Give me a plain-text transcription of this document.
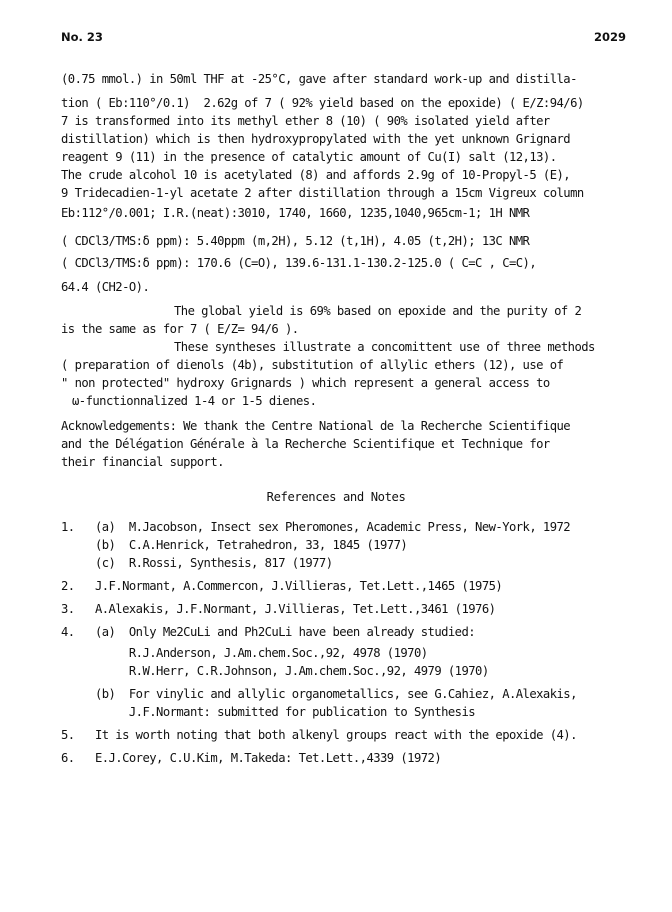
No. 23	2029
(0.75 mmol.) in 50ml THF at -25°C, gave after standard work-up and distilla-
tion ( Eb:110°/0.1)  2.62g of 7 ( 92% yield based on the epoxide) ( E/Z:94/6)
7 is transformed into its methyl ether 8 (10) ( 90% isolated yield after
distillation) which is then hydroxypropylated with the yet unknown Grignard
reagent 9 (11) in the presence of catalytic amount of Cu(I) salt (12,13).
The crude alcohol 10 is acetylated (8) and affords 2.9g of 10-Propyl-5 (E),
9 Tridecadien-1-yl acetate 2 after distillation through a 15cm Vigreux column
Eb:112°/0.001; I.R.(neat):3010, 1740, 1660, 1235,1040,965cm-1; 1H NMR
( CDCl3/TMS:δ ppm): 5.40ppm (m,2H), 5.12 (t,1H), 4.05 (t,2H); 13C NMR
( CDCl3/TMS:δ ppm): 170.6 (C=O), 139.6-131.1-130.2-125.0 ( C=C , C=C),
64.4 (CH2-O).
The global yield is 69% based on epoxide and the purity of 2
is the same as for 7 ( E/Z= 94/6 ).
These syntheses illustrate a concomittent use of three methods
( preparation of dienols (4b), substitution of allylic ethers (12), use of
" non protected" hydroxy Grignards ) which represent a general access to
ω-functionnalized 1-4 or 1-5 dienes.
Acknowledgements: We thank the Centre National de la Recherche Scientifique
and the Délégation Générale à la Recherche Scientifique et Technique for
their financial support.
References and Notes
1.   (a)  M.Jacobson, Insect sex Pheromones, Academic Press, New-York, 1972
(b)  C.A.Henrick, Tetrahedron, 33, 1845 (1977)
(c)  R.Rossi, Synthesis, 817 (1977)
2.   J.F.Normant, A.Commercon, J.Villieras, Tet.Lett.,1465 (1975)
3.   A.Alexakis, J.F.Normant, J.Villieras, Tet.Lett.,3461 (1976)
4.   (a)  Only Me2CuLi and Ph2CuLi have been already studied:
R.J.Anderson, J.Am.chem.Soc.,92, 4978 (1970)
R.W.Herr, C.R.Johnson, J.Am.chem.Soc.,92, 4979 (1970)
(b)  For vinylic and allylic organometallics, see G.Cahiez, A.Alexakis,
J.F.Normant: submitted for publication to Synthesis
5.   It is worth noting that both alkenyl groups react with the epoxide (4).
6.   E.J.Corey, C.U.Kim, M.Takeda: Tet.Lett.,4339 (1972)
